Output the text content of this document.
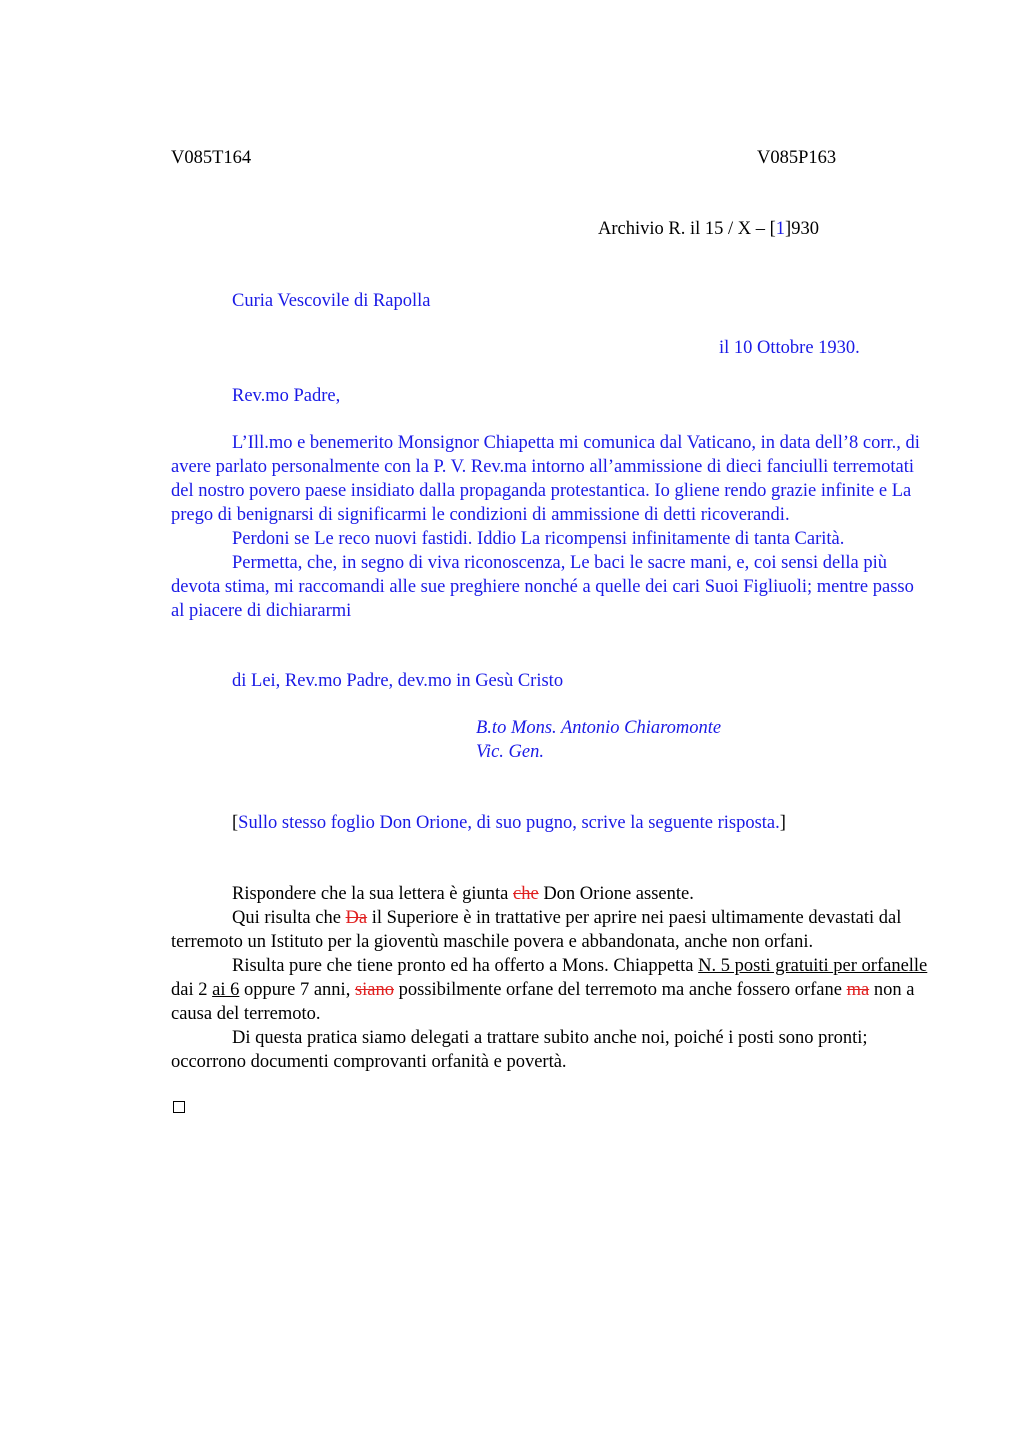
V085T164	V085P163
Archivio R. il 15 / X – [1]930
Curia Vescovile di Rapolla
il 10 Ottobre 1930.
Rev.mo Padre,

L’Ill.mo e benemerito Monsignor Chiapetta mi comunica dal Vaticano, in data dell’8 corr., di avere parlato personalmente con la P. V. Rev.ma intorno all’ammissione di dieci fanciulli terremotati del nostro povero paese insidiato dalla propaganda protestantica. Io gliene rendo grazie infinite e La prego di benignarsi di significarmi le condizioni di ammissione di detti ricoverandi.

Perdoni se Le reco nuovi fastidi. Iddio La ricompensi infinitamente di tanta Carità.

Permetta, che, in segno di viva riconoscenza, Le baci le sacre mani, e, coi sensi della più devota stima, mi raccomandi alle sue preghiere nonché a quelle dei cari Suoi Figliuoli; mentre passo al piacere di dichiararmi

di Lei, Rev.mo Padre, dev.mo in Gesù Cristo
B.to Mons. Antonio Chiaromonte
Vic. Gen.
[Sullo stesso foglio Don Orione, di suo pugno, scrive la seguente risposta.]

Rispondere che la sua lettera è giunta che Don Orione assente.

Qui risulta che Da il Superiore è in trattative per aprire nei paesi ultimamente devastati dal terremoto un Istituto per la gioventù maschile povera e abbandonata, anche non orfani.

Risulta pure che tiene pronto ed ha offerto a Mons. Chiappetta N. 5 posti gratuiti per orfanelle dai 2 ai 6 oppure 7 anni, siano possibilmente orfane del terremoto ma anche fossero orfane ma non a causa del terremoto.

Di questa pratica siamo delegati a trattare subito anche noi, poiché i posti sono pronti; occorrono documenti comprovanti orfanità e povertà.
